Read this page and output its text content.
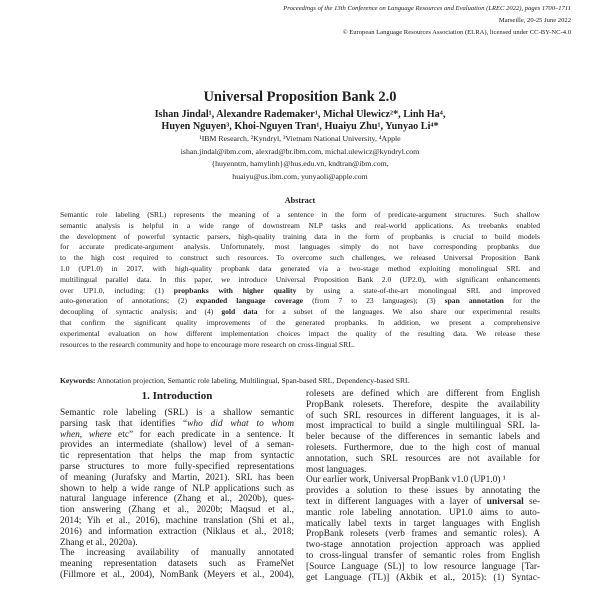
Proceedings of the 13th Conference on Language Resources and Evaluation (LREC 2022), pages 1700–1711
Marseille, 20-25 June 2022
© European Language Resources Association (ELRA), licensed under CC-BY-NC-4.0
Universal Proposition Bank 2.0
Ishan Jindal¹, Alexandre Rademaker¹, Michał Ulewicz²*, Linh Ha⁴,
Huyen Nguyen³, Khoi-Nguyen Tran¹, Huaiyu Zhu¹, Yunyao Li⁴*
¹IBM Research, ²Kyndryl, ³Vietnam National University, ⁴Apple
ishan.jindal@ibm.com, alexrad@br.ibm.com, michal.ulewicz@kyndryl.com
{huyenntm, hamylinh}@hus.edu.vn, kndtran@ibm.com,
huaiyu@us.ibm.com, yunyaoli@apple.com
Abstract
Semantic role labeling (SRL) represents the meaning of a sentence in the form of predicate-argument structures. Such shallow
semantic analysis is helpful in a wide range of downstream NLP tasks and real-world applications. As treebanks enabled
the development of powerful syntactic parsers, high-quality training data in the form of propbanks is crucial to build models
for accurate predicate-argument analysis. Unfortunately, most languages simply do not have corresponding propbanks due
to the high cost required to construct such resources. To overcome such challenges, we released Universal Proposition Bank
1.0 (UP1.0) in 2017, with high-quality propbank data generated via a two-stage method exploiting monolingual SRL and
multilingual parallel data. In this paper, we introduce Universal Proposition Bank 2.0 (UP2.0), with significant enhancements
over UP1.0, including: (1) propbanks with higher quality by using a state-of-the-art monolingual SRL and improved
auto-generation of annotations; (2) expanded language coverage (from 7 to 23 languages); (3) span annotation for the
decoupling of syntactic analysis; and (4) gold data for a subset of the languages. We also share our experimental results
that confirm the significant quality improvements of the generated propbanks. In addition, we present a comprehensive
experimental evaluation on how different implementation choices impact the quality of the resulting data. We release these
resources to the research community and hope to encourage more research on cross-lingual SRL.
Keywords: Annotation projection, Semantic role labeling, Multilingual, Span-based SRL, Dependency-based SRL
1. Introduction
Semantic role labeling (SRL) is a shallow semantic
parsing task that identifies “who did what to whom
when, where etc” for each predicate in a sentence. It
provides an intermediate (shallow) level of a seman-
tic representation that helps the map from syntactic
parse structures to more fully-specified representations
of meaning (Jurafsky and Martin, 2021). SRL has been
shown to help a wide range of NLP applications such as
natural language inference (Zhang et al., 2020b), ques-
tion answering (Zhang et al., 2020b; Maqsud et al.,
2014; Yih et al., 2016), machine translation (Shi et al.,
2016) and information extraction (Niklaus et al., 2018;
Zhang et al., 2020a).
The increasing availability of manually annotated
meaning representation datasets such as FrameNet
(Fillmore et al., 2004), NomBank (Meyers et al., 2004),
rolesets are defined which are different from English
PropBank rolesets. Therefore, despite the availability
of such SRL resources in different languages, it is al-
most impractical to build a single multilingual SRL la-
beler because of the differences in semantic labels and
rolesets. Furthermore, due to the high cost of manual
annotation, such SRL resources are not available for
most languages.
Our earlier work, Universal PropBank v1.0 (UP1.0) ¹
provides a solution to these issues by annotating the
text in different languages with a layer of universal se-
mantic role labeling annotation. UP1.0 aims to auto-
matically label texts in target languages with English
PropBank rolesets (verb frames and semantic roles). A
two-stage annotation projection approach was applied
to cross-lingual transfer of semantic roles from English
[Source Language (SL)] to low resource language [Tar-
get Language (TL)] (Akbik et al., 2015): (1) Syntac-
